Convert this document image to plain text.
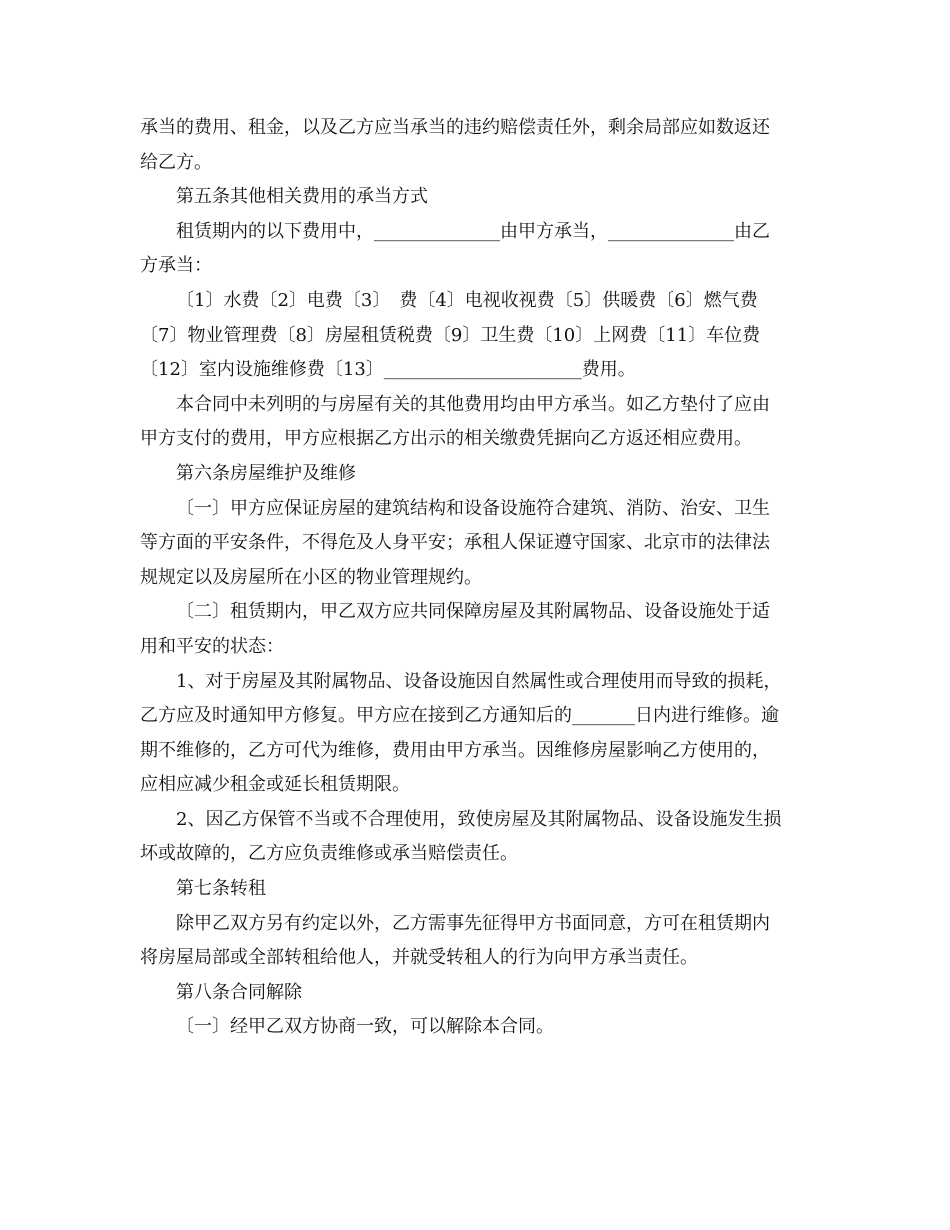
承当的费用、租金，以及乙方应当承当的违约赔偿责任外，剩余局部应如数返还
给乙方。
第五条其他相关费用的承当方式
租赁期内的以下费用中，______________由甲方承当，______________由乙
方承当：
〔1〕水费〔2〕电费〔3〕　费〔4〕电视收视费〔5〕供暖费〔6〕燃气费
〔7〕物业管理费〔8〕房屋租赁税费〔9〕卫生费〔10〕上网费〔11〕车位费
〔12〕室内设施维修费〔13〕______________________费用。
本合同中未列明的与房屋有关的其他费用均由甲方承当。如乙方垫付了应由
甲方支付的费用，甲方应根据乙方出示的相关缴费凭据向乙方返还相应费用。
第六条房屋维护及维修
〔一〕甲方应保证房屋的建筑结构和设备设施符合建筑、消防、治安、卫生
等方面的平安条件，不得危及人身平安；承租人保证遵守国家、北京市的法律法
规规定以及房屋所在小区的物业管理规约。
〔二〕租赁期内，甲乙双方应共同保障房屋及其附属物品、设备设施处于适
用和平安的状态：
1、对于房屋及其附属物品、设备设施因自然属性或合理使用而导致的损耗，
乙方应及时通知甲方修复。甲方应在接到乙方通知后的_______日内进行维修。逾
期不维修的，乙方可代为维修，费用由甲方承当。因维修房屋影响乙方使用的，
应相应减少租金或延长租赁期限。
2、因乙方保管不当或不合理使用，致使房屋及其附属物品、设备设施发生损
坏或故障的，乙方应负责维修或承当赔偿责任。
第七条转租
除甲乙双方另有约定以外，乙方需事先征得甲方书面同意，方可在租赁期内
将房屋局部或全部转租给他人，并就受转租人的行为向甲方承当责任。
第八条合同解除
〔一〕经甲乙双方协商一致，可以解除本合同。
